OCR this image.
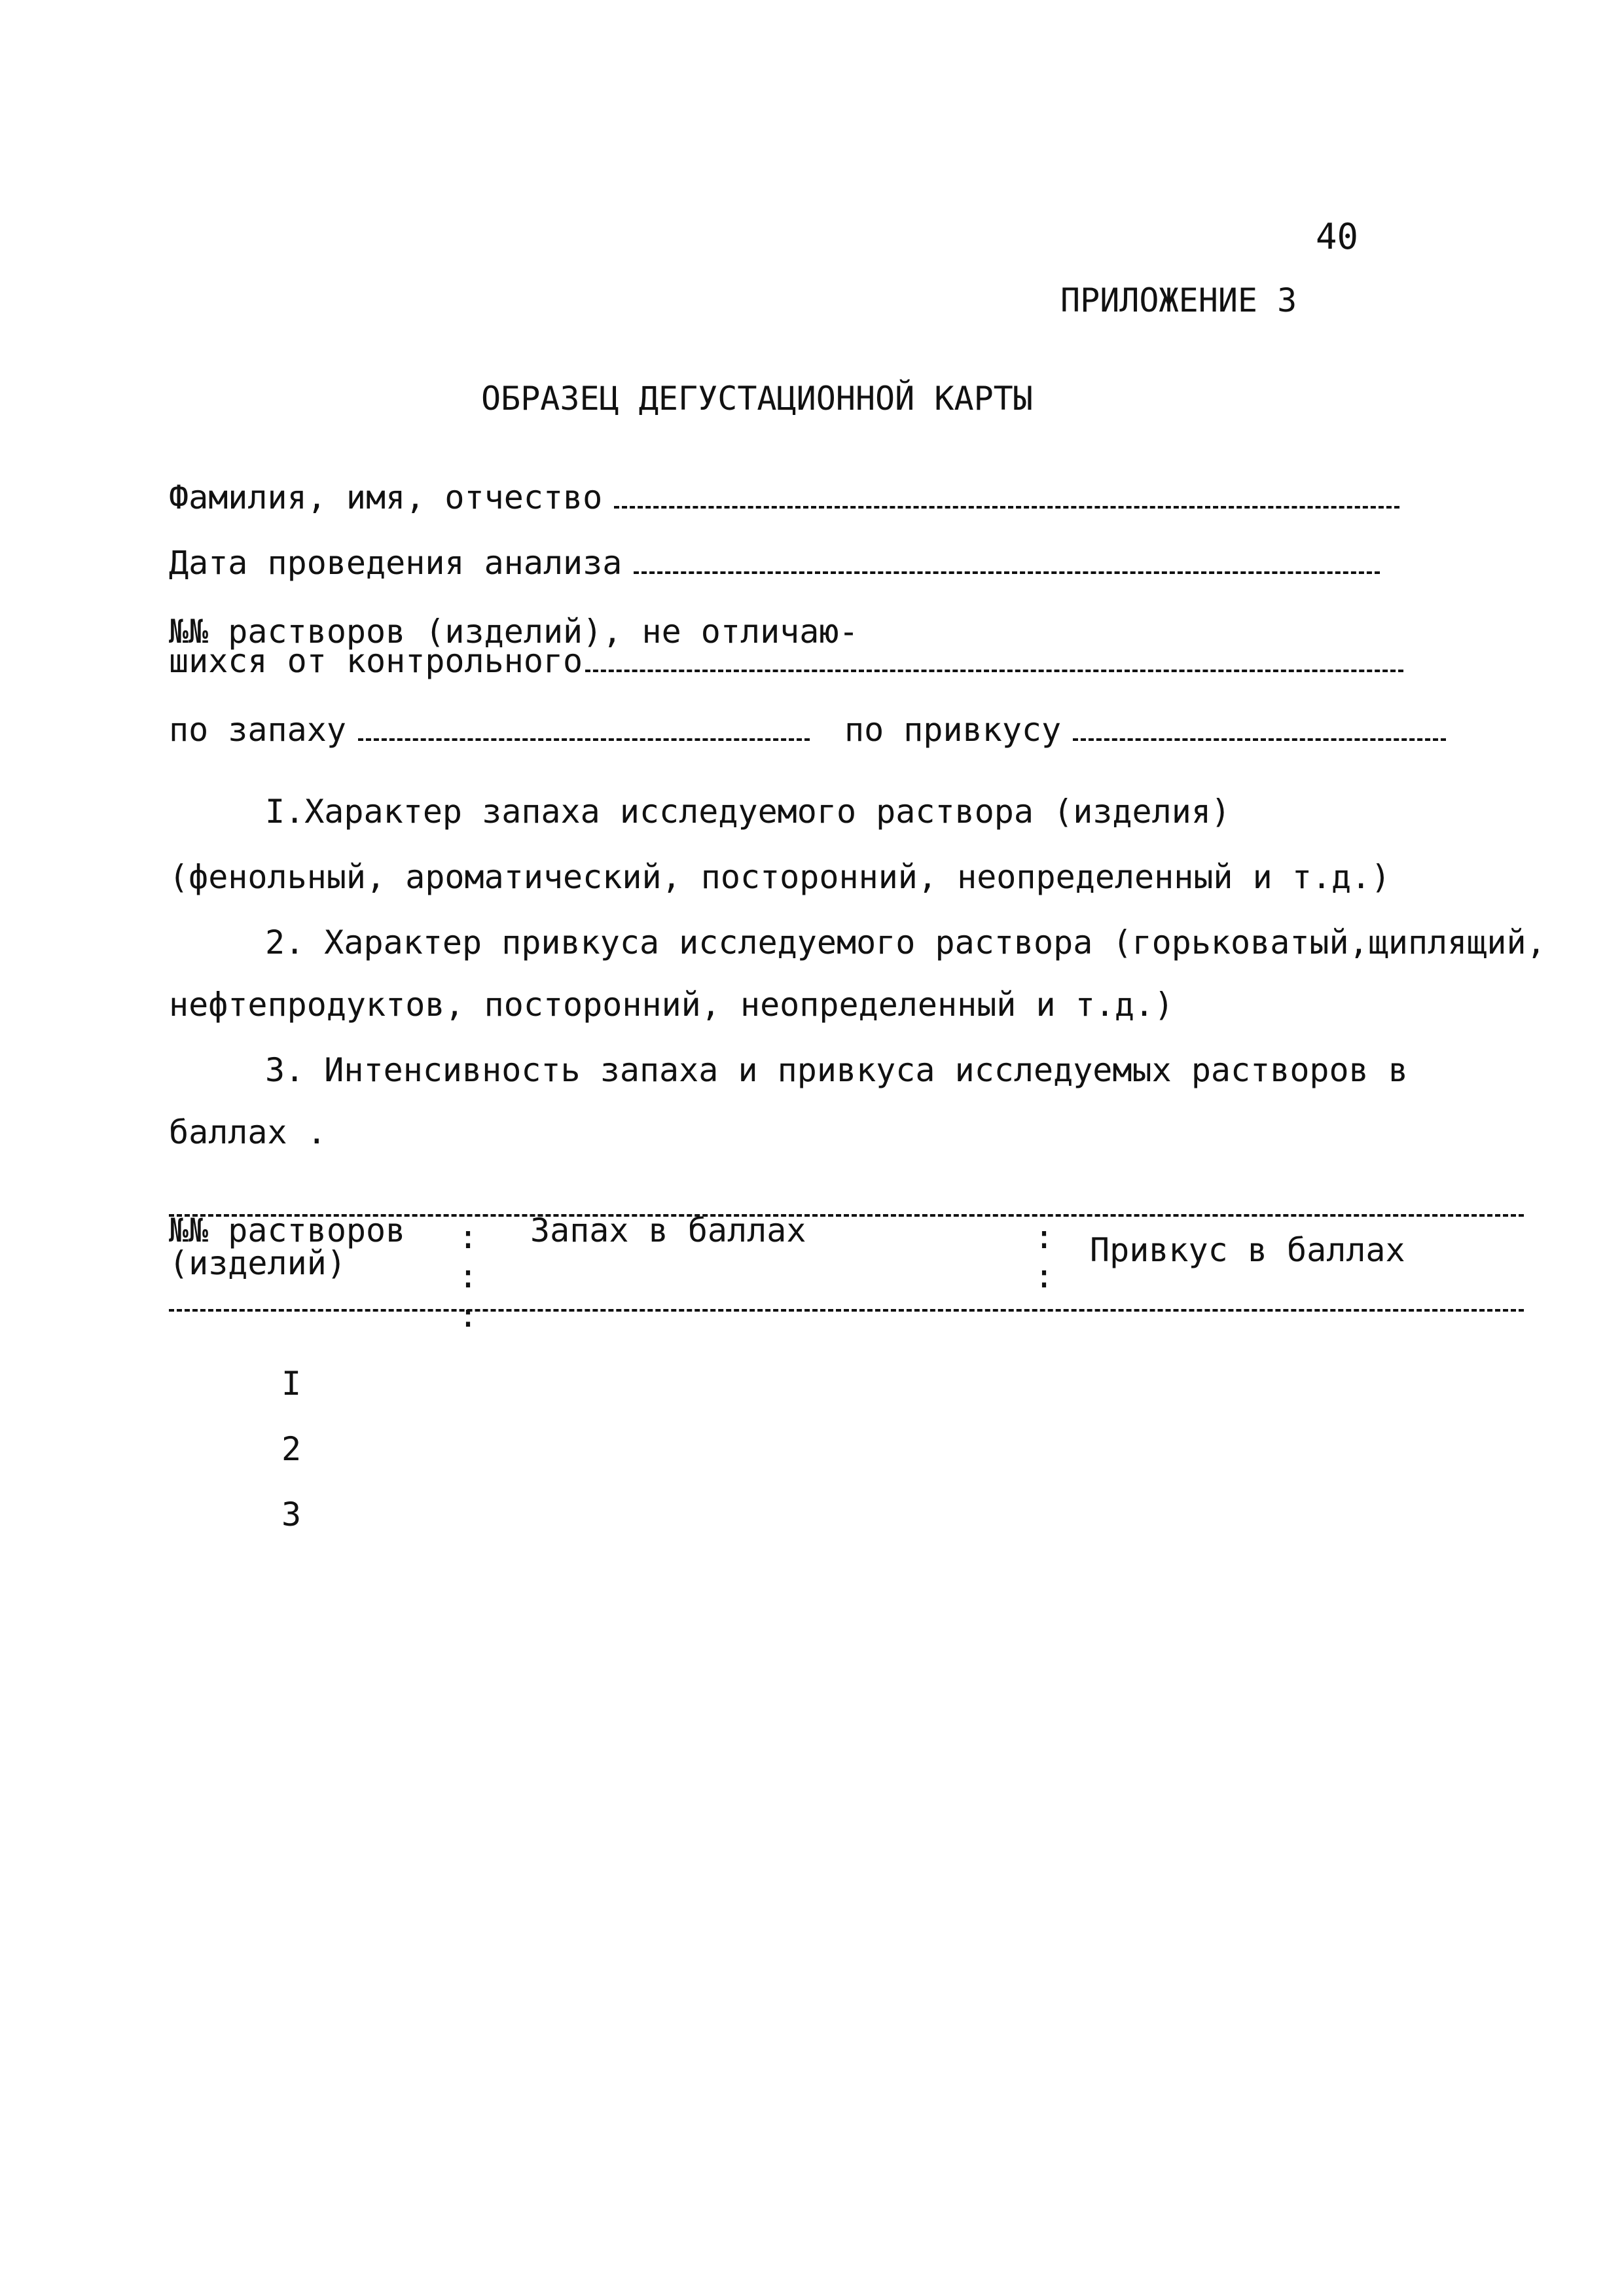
40
ПРИЛОЖЕНИЕ 3
ОБРАЗЕЦ ДЕГУСТАЦИОННОЙ КАРТЫ
Фамилия, имя, отчество
Дата проведения анализа
№№ растворов (изделий), не отличаю-
шихся от контрольного
по запаху	по привкусу
I.Характер запаха исследуемого раствора (изделия)
(фенольный, ароматический, посторонний, неопределенный и т.д.)
2. Характер привкуса исследуемого раствора (горьковатый,щиплящий,
нефтепродуктов, посторонний, неопределенный и т.д.)
3. Интенсивность запаха и привкуса исследуемых растворов в
баллах .
№№ растворов
(изделий)
:
:
:
Запах в баллах	:
:
Привкус в баллах
I
2
3
